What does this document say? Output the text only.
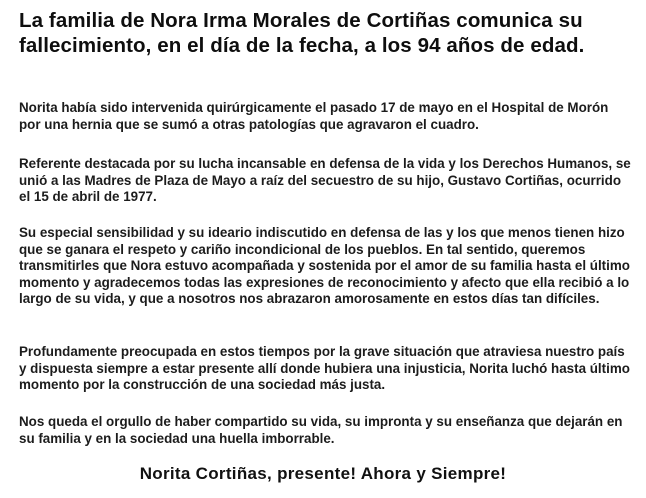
La familia de Nora Irma Morales de Cortiñas comunica su fallecimiento, en el día de la fecha, a los 94 años de edad.

Norita había sido intervenida quirúrgicamente el pasado 17 de mayo en el Hospital de Morón por una hernia que se sumó a otras patologías que agravaron el cuadro.

Referente destacada por su lucha incansable en defensa de la vida y los Derechos Humanos, se unió a las Madres de Plaza de Mayo a raíz del secuestro de su hijo, Gustavo Cortiñas, ocurrido el 15 de abril de 1977.

Su especial sensibilidad y su ideario indiscutido en defensa de las y los que menos tienen hizo que se ganara el respeto y cariño incondicional de los pueblos. En tal sentido, queremos transmitirles que Nora estuvo acompañada y sostenida por el amor de su familia hasta el último momento y agradecemos todas las expresiones de reconocimiento y afecto que ella recibió a lo largo de su vida, y que a nosotros nos abrazaron amorosamente en estos días tan difíciles.

Profundamente preocupada en estos tiempos por la grave situación que atraviesa nuestro país y dispuesta siempre a estar presente allí donde hubiera una injusticia, Norita luchó hasta último momento por la construcción de una sociedad más justa.

Nos queda el orgullo de haber compartido su vida, su impronta y su enseñanza que dejarán en su familia y en la sociedad una huella imborrable.

Norita Cortiñas, presente! Ahora y Siempre!
